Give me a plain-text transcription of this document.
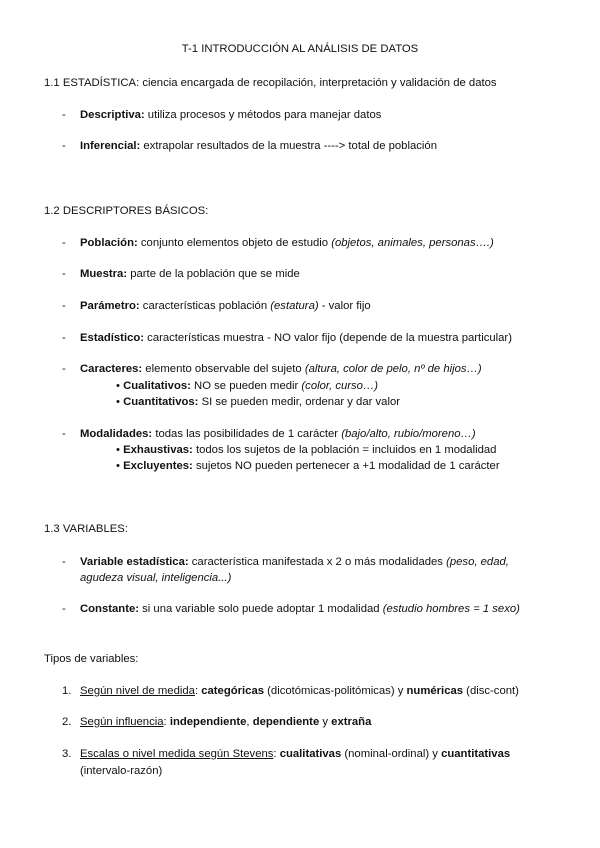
T-1 INTRODUCCIÓN AL ANÁLISIS DE DATOS
1.1 ESTADÍSTICA: ciencia encargada de recopilación, interpretación y validación de datos
- Descriptiva: utiliza procesos y métodos para manejar datos
- Inferencial: extrapolar resultados de la muestra ----> total de población
1.2 DESCRIPTORES BÁSICOS:
- Población: conjunto elementos objeto de estudio (objetos, animales, personas….)
- Muestra: parte de la población que se mide
- Parámetro: características población (estatura) - valor fijo
- Estadístico: características muestra - NO valor fijo (depende de la muestra particular)
- Caracteres: elemento observable del sujeto (altura, color de pelo, nº de hijos…)
• Cualitativos: NO se pueden medir (color, curso…)
• Cuantitativos: SI se pueden medir, ordenar y dar valor
- Modalidades: todas las posibilidades de 1 carácter (bajo/alto, rubio/moreno…)
• Exhaustivas: todos los sujetos de la población = incluidos en 1 modalidad
• Excluyentes: sujetos NO pueden pertenecer a +1 modalidad de 1 carácter
1.3 VARIABLES:
- Variable estadística: característica manifestada x 2 o más modalidades (peso, edad,
agudeza visual, inteligencia...)
- Constante: si una variable solo puede adoptar 1 modalidad (estudio hombres = 1 sexo)
Tipos de variables:
1. Según nivel de medida: categóricas (dicotómicas-politómicas) y numéricas (disc-cont)
2. Según influencia: independiente, dependiente y extraña
3. Escalas o nivel medida según Stevens: cualitativas (nominal-ordinal) y cuantitativas
(intervalo-razón)
